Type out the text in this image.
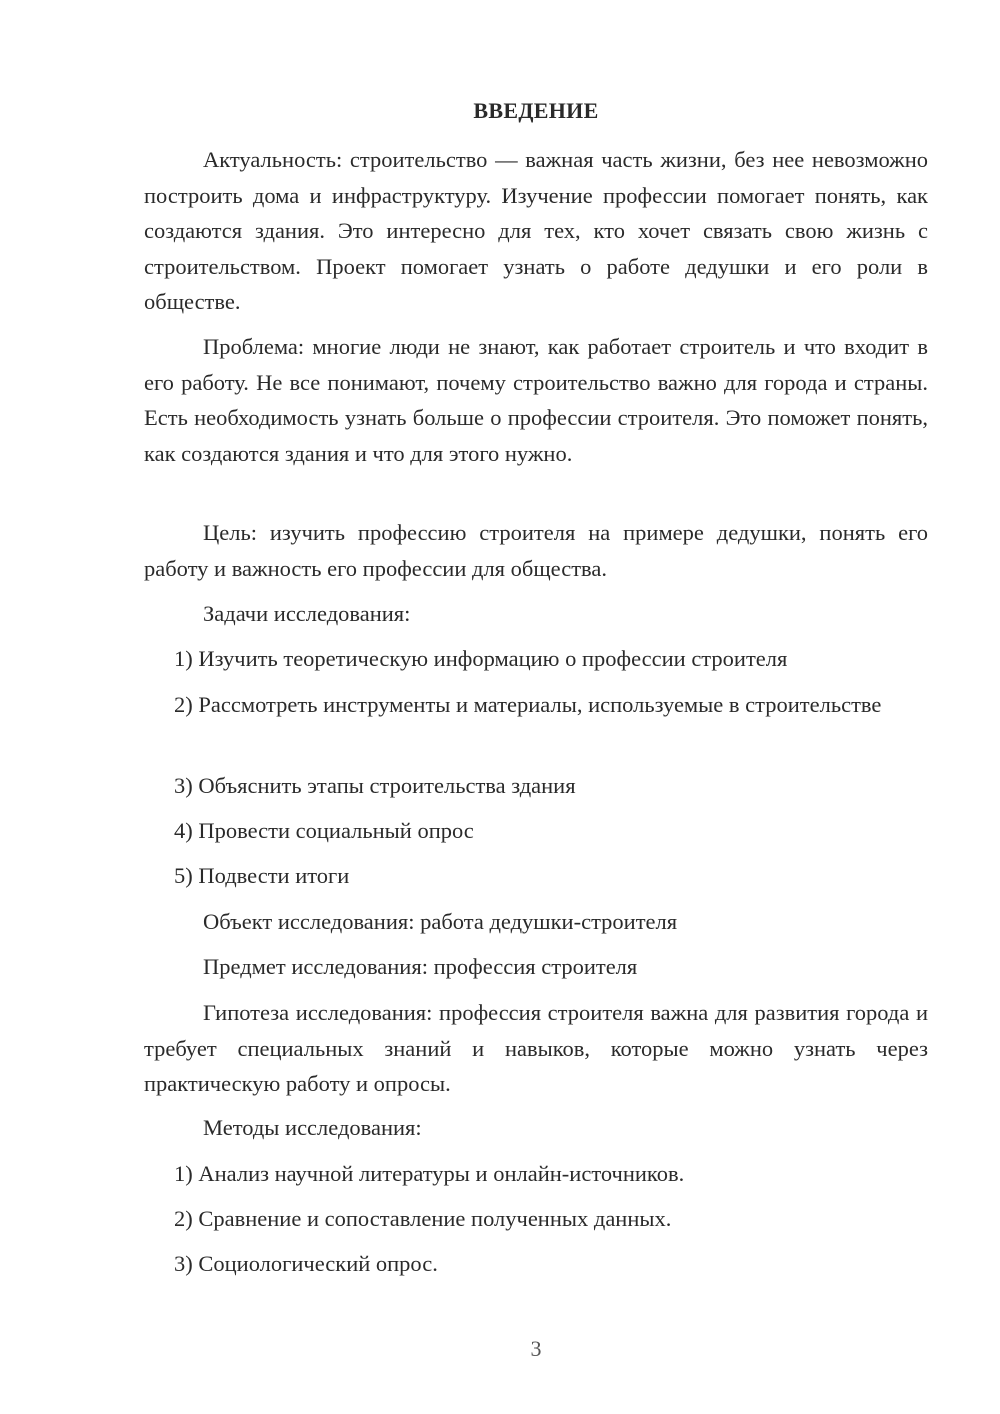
ВВЕДЕНИЕ

Актуальность: строительство — важная часть жизни, без нее невозможно построить дома и инфраструктуру. Изучение профессии помогает понять, как создаются здания. Это интересно для тех, кто хочет связать свою жизнь с строительством. Проект помогает узнать о работе дедушки и его роли в обществе.

Проблема: многие люди не знают, как работает строитель и что входит в его работу. Не все понимают, почему строительство важно для города и страны. Есть необходимость узнать больше о профессии строителя. Это поможет понять, как создаются здания и что для этого нужно.

Цель: изучить профессию строителя на примере дедушки, понять его работу и важность его профессии для общества.

Задачи исследования:

1) Изучить теоретическую информацию о профессии строителя

2) Рассмотреть инструменты и материалы, используемые в строительстве

3) Объяснить этапы строительства здания

4) Провести социальный опрос

5) Подвести итоги

Объект исследования: работа дедушки-строителя

Предмет исследования: профессия строителя

Гипотеза исследования: профессия строителя важна для развития города и требует специальных знаний и навыков, которые можно узнать через практическую работу и опросы.

Методы исследования:

1) Анализ научной литературы и онлайн-источников.

2) Сравнение и сопоставление полученных данных.

3) Социологический опрос.

3
